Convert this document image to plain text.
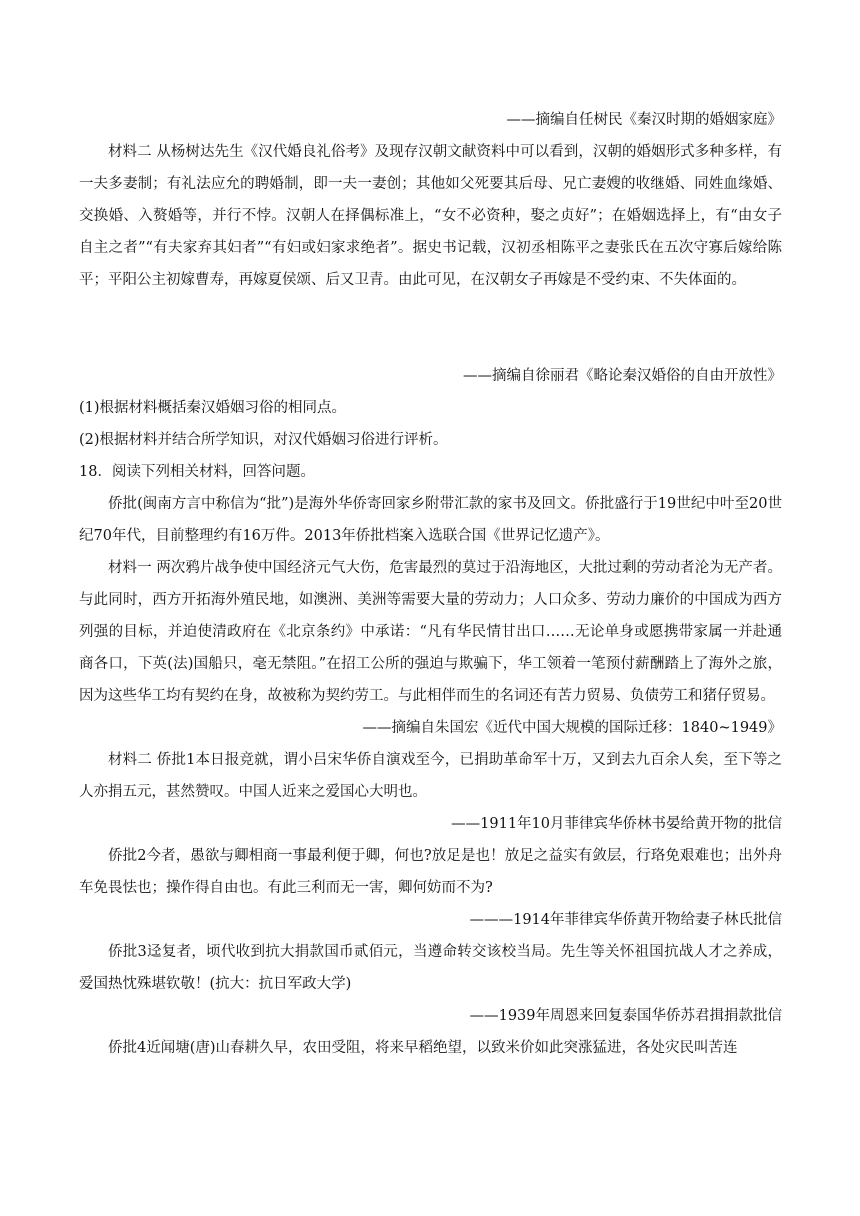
——摘编自任树民《秦汉时期的婚姻家庭》

材料二 从杨树达先生《汉代婚良礼俗考》及现存汉朝文献资料中可以看到，汉朝的婚姻形式多种多样，有一夫多妻制；有礼法应允的聘婚制，即一夫一妻创；其他如父死要其后母、兄亡妻嫂的收继婚、同姓血缘婚、交换婚、入赘婚等，并行不悖。汉朝人在择偶标准上，“女不必资种，娶之贞好”；在婚姻选择上，有“由女子自主之者”“有夫家弃其妇者”“有妇或妇家求绝者”。据史书记载，汉初丞相陈平之妻张氏在五次守寡后嫁给陈平；平阳公主初嫁曹寿，再嫁夏侯颂、后又卫青。由此可见，在汉朝女子再嫁是不受约束、不失体面的。

——摘编自徐丽君《略论秦汉婚俗的自由开放性》

(1)根据材料概括秦汉婚姻习俗的相同点。

(2)根据材料并结合所学知识，对汉代婚姻习俗进行评析。

18．阅读下列相关材料，回答问题。

侨批(闽南方言中称信为“批”)是海外华侨寄回家乡附带汇款的家书及回文。侨批盛行于19世纪中叶至20世纪70年代，目前整理约有16万件。2013年侨批档案入选联合国《世界记忆遗产》。

材料一 两次鸦片战争使中国经济元气大伤，危害最烈的莫过于沿海地区，大批过剩的劳动者沦为无产者。与此同时，西方开拓海外殖民地，如澳洲、美洲等需要大量的劳动力；人口众多、劳动力廉价的中国成为西方列强的目标，并迫使清政府在《北京条约》中承诺：“凡有华民情甘出口……无论单身或愿携带家属一并赴通商各口，下英(法)国船只，毫无禁阻。”在招工公所的强迫与欺骗下，华工领着一笔预付薪酬踏上了海外之旅，因为这些华工均有契约在身，故被称为契约劳工。与此相伴而生的名词还有苦力贸易、负债劳工和猪仔贸易。

——摘编自朱国宏《近代中国大规模的国际迁移：1840~1949》

材料二 侨批1本日报竞就，谓小吕宋华侨自演戏至今，已捐助革命军十万，又到去九百余人矣，至下等之人亦捐五元，甚然赞叹。中国人近来之爱国心大明也。

——1911年10月菲律宾华侨林书晏给黄开物的批信

侨批2今者，愚欲与卿相商一事最利便于卿，何也?放足是也！放足之益实有敛层，行珞免艰难也；出外舟车免畏怯也；操作得自由也。有此三利而无一害，卿何妨而不为?

———1914年菲律宾华侨黄开物给妻子林氏批信

侨批3迳复者，顷代收到抗大捐款国币贰佰元，当遵命转交该校当局。先生等关怀祖国抗战人才之养成，爱国热忱殊堪钦敬！(抗大：抗日军政大学)

——1939年周恩来回复泰国华侨苏君揖捐款批信

侨批4近闻塘(唐)山春耕久早，农田受阻，将来早稻绝望，以致米价如此突涨猛进，各处灾民叫苦连
